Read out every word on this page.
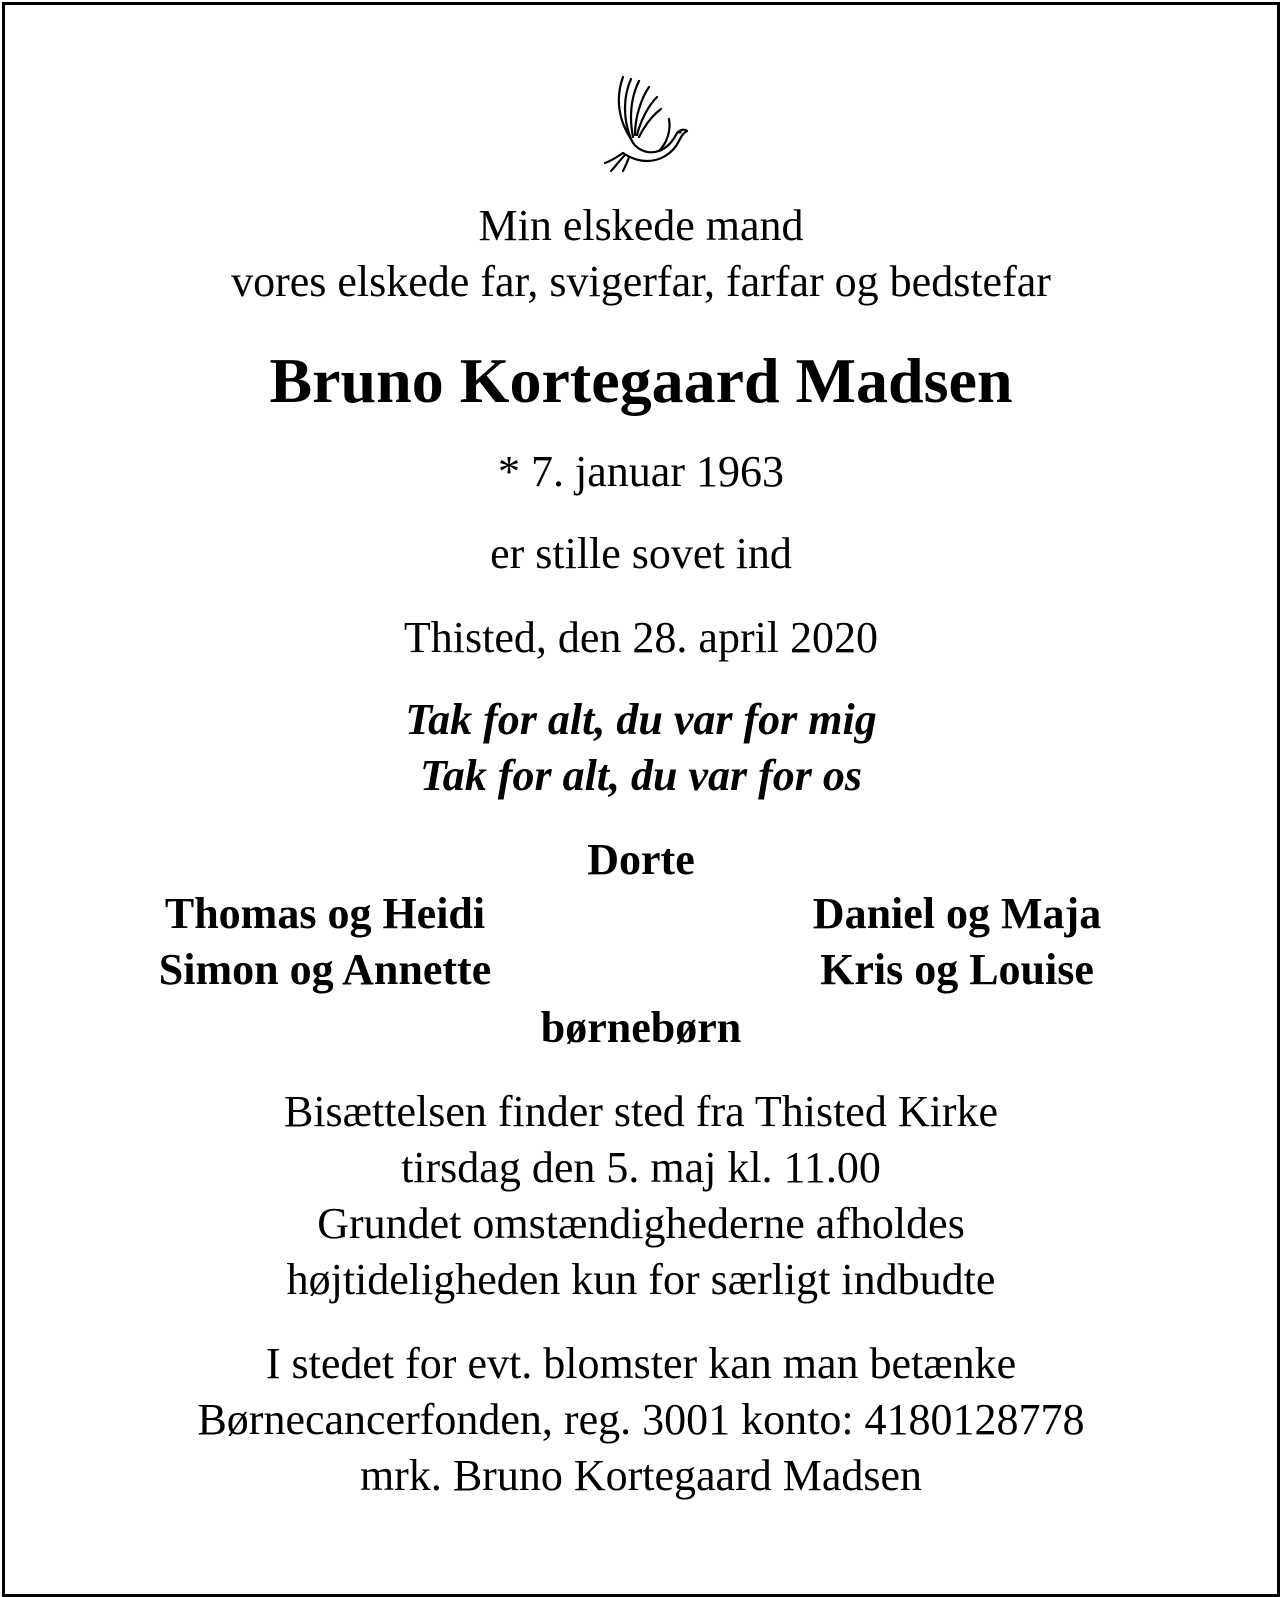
Min elskede mand
vores elskede far, svigerfar, farfar og bedstefar
Bruno Kortegaard Madsen
* 7. januar 1963
er stille sovet ind
Thisted, den 28. april 2020
Tak for alt, du var for mig
Tak for alt, du var for os
Dorte
Thomas og Heidi
Simon og Annette
Daniel og Maja
Kris og Louise
børnebørn
Bisættelsen finder sted fra Thisted Kirke
tirsdag den 5. maj kl. 11.00
Grundet omstændighederne afholdes
højtideligheden kun for særligt indbudte
I stedet for evt. blomster kan man betænke
Børnecancerfonden, reg. 3001 konto: 4180128778
mrk. Bruno Kortegaard Madsen
